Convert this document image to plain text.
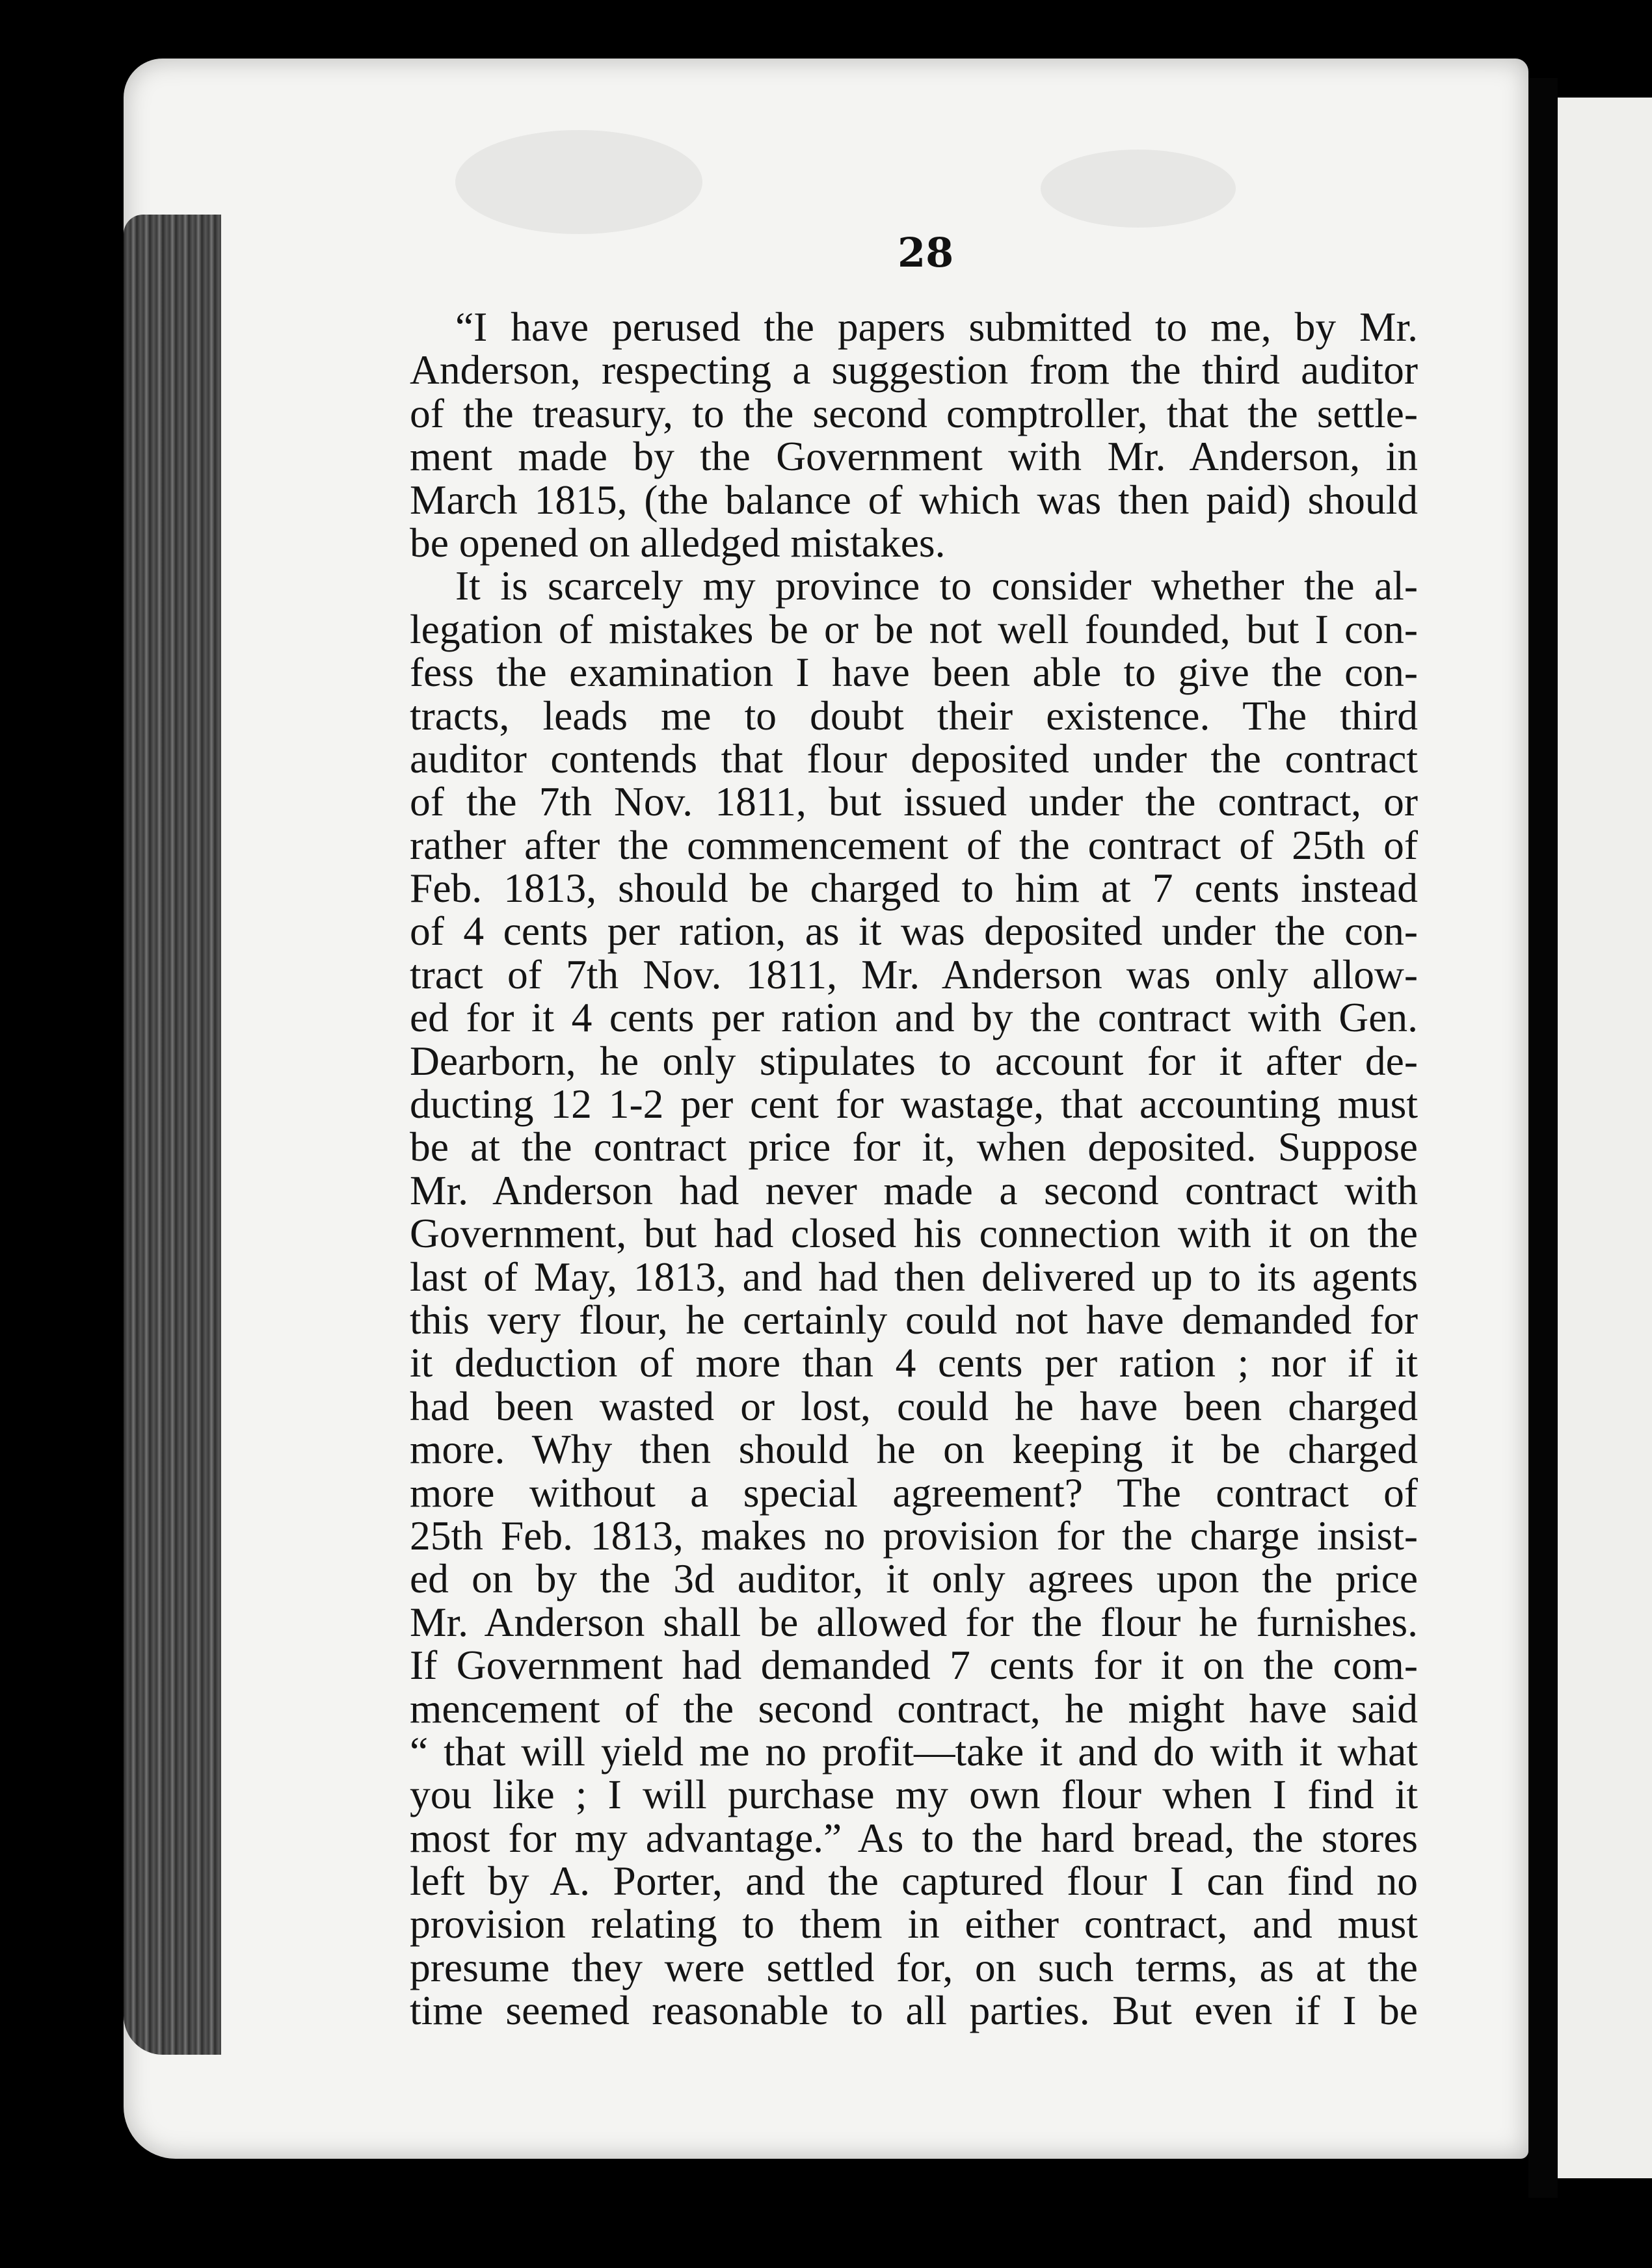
28
“I have perused the papers submitted to me, by Mr.
Anderson, respecting a suggestion from the third auditor
of the treasury, to the second comptroller, that the settle-
ment made by the Government with Mr. Anderson, in
March 1815, (the balance of which was then paid) should
be opened on alledged mistakes.
It is scarcely my province to consider whether the al-
legation of mistakes be or be not well founded, but I con-
fess the examination I have been able to give the con-
tracts, leads me to doubt their existence. The third
auditor contends that flour deposited under the contract
of the 7th Nov. 1811, but issued under the contract, or
rather after the commencement of the contract of 25th of
Feb. 1813, should be charged to him at 7 cents instead
of 4 cents per ration, as it was deposited under the con-
tract of 7th Nov. 1811, Mr. Anderson was only allow-
ed for it 4 cents per ration and by the contract with Gen.
Dearborn, he only stipulates to account for it after de-
ducting 12 1-2 per cent for wastage, that accounting must
be at the contract price for it, when deposited. Suppose
Mr. Anderson had never made a second contract with
Government, but had closed his connection with it on the
last of May, 1813, and had then delivered up to its agents
this very flour, he certainly could not have demanded for
it deduction of more than 4 cents per ration ; nor if it
had been wasted or lost, could he have been charged
more. Why then should he on keeping it be charged
more without a special agreement? The contract of
25th Feb. 1813, makes no provision for the charge insist-
ed on by the 3d auditor, it only agrees upon the price
Mr. Anderson shall be allowed for the flour he furnishes.
If Government had demanded 7 cents for it on the com-
mencement of the second contract, he might have said
“ that will yield me no profit—take it and do with it what
you like ; I will purchase my own flour when I find it
most for my advantage.” As to the hard bread, the stores
left by A. Porter, and the captured flour I can find no
provision relating to them in either contract, and must
presume they were settled for, on such terms, as at the
time seemed reasonable to all parties. But even if I be
